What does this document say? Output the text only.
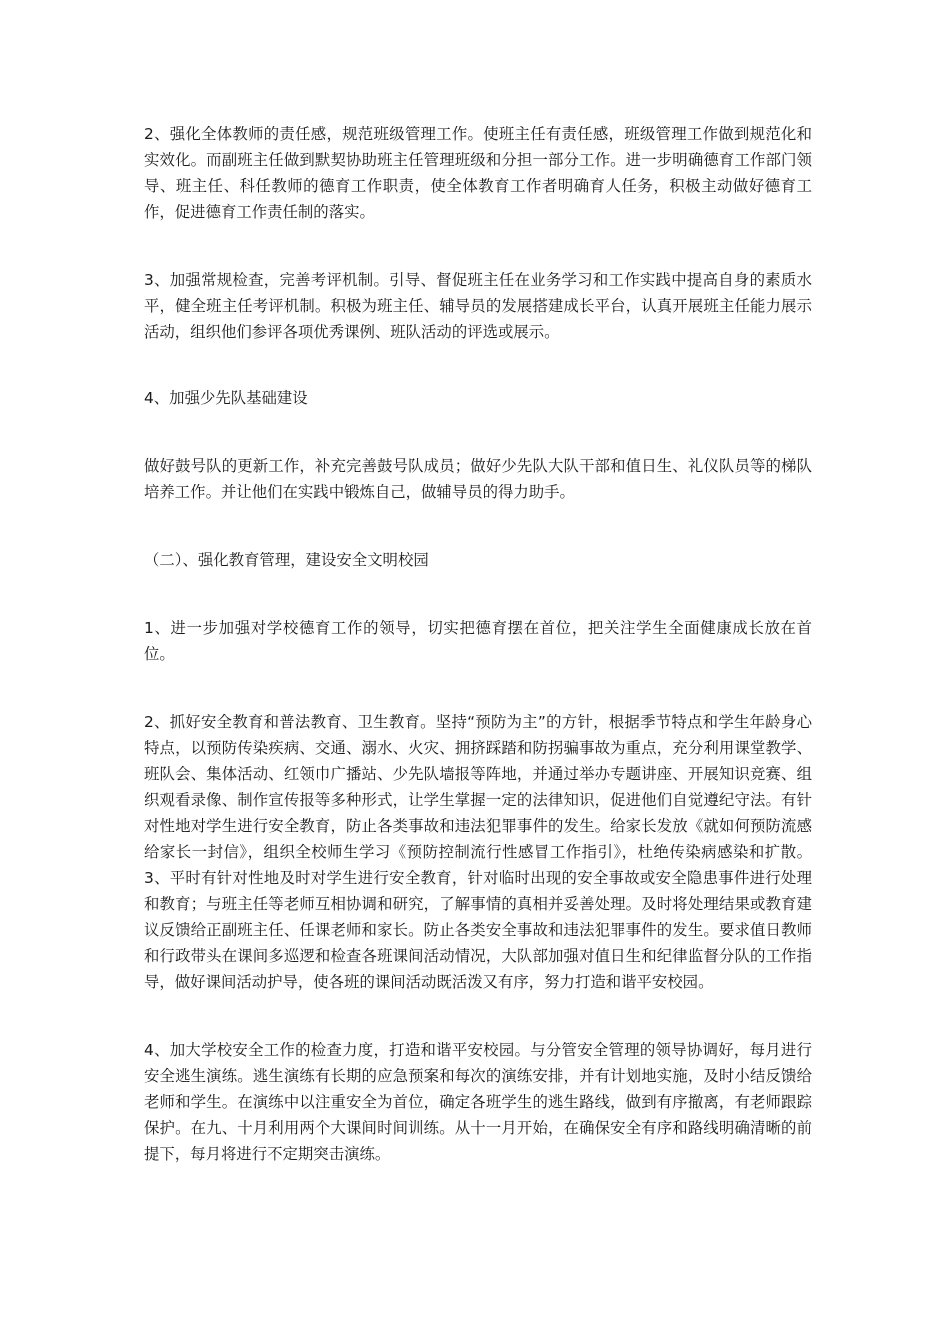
2、强化全体教师的责任感，规范班级管理工作。使班主任有责任感，班级管理工作做到规范化和实效化。而副班主任做到默契协助班主任管理班级和分担一部分工作。进一步明确德育工作部门领导、班主任、科任教师的德育工作职责，使全体教育工作者明确育人任务，积极主动做好德育工作，促进德育工作责任制的落实。

3、加强常规检查，完善考评机制。引导、督促班主任在业务学习和工作实践中提高自身的素质水平，健全班主任考评机制。积极为班主任、辅导员的发展搭建成长平台，认真开展班主任能力展示活动，组织他们参评各项优秀课例、班队活动的评选或展示。

4、加强少先队基础建设

做好鼓号队的更新工作，补充完善鼓号队成员；做好少先队大队干部和值日生、礼仪队员等的梯队培养工作。并让他们在实践中锻炼自己，做辅导员的得力助手。

（二）、强化教育管理，建设安全文明校园

1、进一步加强对学校德育工作的领导，切实把德育摆在首位，把关注学生全面健康成长放在首位。

2、抓好安全教育和普法教育、卫生教育。坚持“预防为主”的方针，根据季节特点和学生年龄身心特点，以预防传染疾病、交通、溺水、火灾、拥挤踩踏和防拐骗事故为重点，充分利用课堂教学、班队会、集体活动、红领巾广播站、少先队墙报等阵地，并通过举办专题讲座、开展知识竞赛、组织观看录像、制作宣传报等多种形式，让学生掌握一定的法律知识，促进他们自觉遵纪守法。有针对性地对学生进行安全教育，防止各类事故和违法犯罪事件的发生。给家长发放《就如何预防流感给家长一封信》，组织全校师生学习《预防控制流行性感冒工作指引》，杜绝传染病感染和扩散。 3、平时有针对性地及时对学生进行安全教育，针对临时出现的安全事故或安全隐患事件进行处理和教育；与班主任等老师互相协调和研究，了解事情的真相并妥善处理。及时将处理结果或教育建议反馈给正副班主任、任课老师和家长。防止各类安全事故和违法犯罪事件的发生。要求值日教师和行政带头在课间多巡逻和检查各班课间活动情况，大队部加强对值日生和纪律监督分队的工作指导，做好课间活动护导，使各班的课间活动既活泼又有序，努力打造和谐平安校园。

4、加大学校安全工作的检查力度，打造和谐平安校园。与分管安全管理的领导协调好，每月进行安全逃生演练。逃生演练有长期的应急预案和每次的演练安排，并有计划地实施，及时小结反馈给老师和学生。在演练中以注重安全为首位，确定各班学生的逃生路线，做到有序撤离，有老师跟踪保护。在九、十月利用两个大课间时间训练。从十一月开始，在确保安全有序和路线明确清晰的前提下，每月将进行不定期突击演练。
